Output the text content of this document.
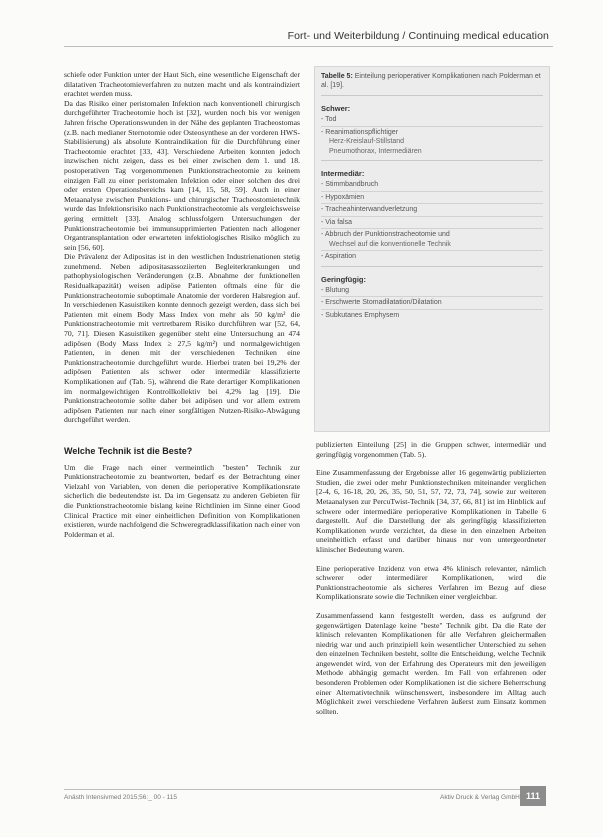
Fort- und Weiterbildung / Continuing medical education

schiefe oder Funktion unter der Haut Sich, eine wesentliche Eigenschaft der dilatativen Tracheotomieverfahren zu nutzen macht und als kontraindiziert erachtet werden muss.

Da das Risiko einer peristomalen Infektion nach konventionell chirurgisch durchgeführter Tracheotomie hoch ist [32], wurden noch bis vor wenigen Jahren frische Operationswunden in der Nähe des geplanten Tracheostomas (z.B. nach medianer Sternotomie oder Osteosynthese an der vorderen HWS-Stabilisierung) als absolute Kontraindikation für die Durchführung einer Tracheotomie erachtet [33, 43]. Verschiedene Arbeiten konnten jedoch inzwischen nicht zeigen, dass es bei einer zwischen dem 1. und 18. postoperativen Tag vorgenommenen Punktionstracheotomie zu keinem einzigen Fall zu einer peristomalen Infektion oder einer solchen des drei oder ersten Operationsbereichs kam [14, 15, 58, 59]. Auch in einer Metaanalyse zwischen Punktions- und chirurgischer Tracheostomietechnik wurde das Infektionsrisiko nach Punktionstracheotomie als vergleichsweise gering ermittelt [33]. Analog schlussfolgern Untersuchungen der Punktionstracheotomie bei immunsupprimierten Patienten nach allogener Organtransplantation oder erwarteten infektiologisches Risiko möglich zu sein [56, 60].

Die Prävalenz der Adipositas ist in den westlichen Industrienationen stetig zunehmend. Neben adipositasassoziierten Begleiterkrankungen und pathophysiologischen Veränderungen (z.B. Abnahme der funktionellen Residualkapazität) weisen adipöse Patienten oftmals eine für die Punktionstracheotomie suboptimale Anatomie der vorderen Halsregion auf. In verschiedenen Kasuistiken konnte dennoch gezeigt werden, dass sich bei Patienten mit einem Body Mass Index von mehr als 50 kg/m² die Punktionstracheotomie mit vertretbarem Risiko durchführen war [52, 64, 70, 71]. Diesen Kasuistiken gegenüber steht eine Untersuchung an 474 adipösen (Body Mass Index ≥ 27,5 kg/m²) und normalgewichtigen Patienten, in denen mit der verschiedenen Techniken eine Punktionstracheotomie durchgeführt wurde. Hierbei traten bei 19,2% der adipösen Patienten als schwer oder intermediär klassifizierte Komplikationen auf (Tab. 5), während die Rate derartiger Komplikationen im normalgewichtigen Kontrollkollektiv bei 4,2% lag [19]. Die Punktionstracheotomie sollte daher bei adipösen und vor allem extrem adipösen Patienten nur nach einer sorgfältigen Nutzen-Risiko-Abwägung durchgeführt werden.

Welche Technik ist die Beste?

Um die Frage nach einer vermeintlich "besten" Technik zur Punktionstracheotomie zu beantworten, bedarf es der Betrachtung einer Vielzahl von Variablen, von denen die perioperative Komplikationsrate sicherlich die bedeutendste ist. Da im Gegensatz zu anderen Gebieten für die Punktionstracheotomie bislang keine Richtlinien im Sinne einer Good Clinical Practice mit einer einheitlichen Definition von Komplikationen existieren, wurde nachfolgend die Schweregradklassifikation nach einer von Polderman et al.

Tabelle 5: Einteilung perioperativer Komplikationen nach Polderman et al. [19].
Schwer:
- Tod
- Reanimationspflichtiger
Herz-Kreislauf-Stillstand
Pneumothorax, Intermediären
Intermediär:
- Stimmbandbruch
- Hypoxämien
- Tracheahinterwandverletzung
- Via falsa
- Abbruch der Punktionstracheotomie und
Wechsel auf die konventionelle Technik
- Aspiration
Geringfügig:
- Blutung
- Erschwerte Stomadilatation/Dilatation
- Subkutanes Emphysem

publizierten Einteilung [25] in die Gruppen schwer, intermediär und geringfügig vorgenommen (Tab. 5).

Eine Zusammenfassung der Ergebnisse aller 16 gegenwärtig publizierten Studien, die zwei oder mehr Punktionstechniken miteinander verglichen [2-4, 6, 16-18, 20, 26, 35, 50, 51, 57, 72, 73, 74], sowie zur weiteren Metaanalysen zur PercuTwist-Technik [34, 37, 66, 81] ist im Hinblick auf schwere oder intermediäre perioperative Komplikationen in Tabelle 6 dargestellt. Auf die Darstellung der als geringfügig klassifizierten Komplikationen wurde verzichtet, da diese in den einzelnen Arbeiten uneinheitlich erfasst und darüber hinaus nur von untergeordneter klinischer Bedeutung waren.

Eine perioperative Inzidenz von etwa 4% klinisch relevanter, nämlich schwerer oder intermediärer Komplikationen, wird die Punktionstracheotomie als sicheres Verfahren im Bezug auf diese Komplikationsrate sowie die Techniken einer vergleichbar.

Zusammenfassend kann festgestellt werden, dass es aufgrund der gegenwärtigen Datenlage keine "beste" Technik gibt. Da die Rate der klinisch relevanten Komplikationen für alle Verfahren gleichermaßen niedrig war und auch prinzipiell kein wesentlicher Unterschied zu sehen den einzelnen Techniken besteht, sollte die Entscheidung, welche Technik angewendet wird, von der Erfahrung des Operateurs mit den jeweiligen Methode abhängig gemacht werden. Im Fall von erfahrenen oder besonderen Problemen oder Komplikationen ist die sichere Beherrschung einer Alternativtechnik wünschenswert, insbesondere im Alltag auch Möglichkeit zwei verschiedene Verfahren äußerst zum Einsatz kommen sollten.

Anästh Intensivmed 2015;56:_ 00 - 115	Aktiv Druck & Verlag GmbH 111
